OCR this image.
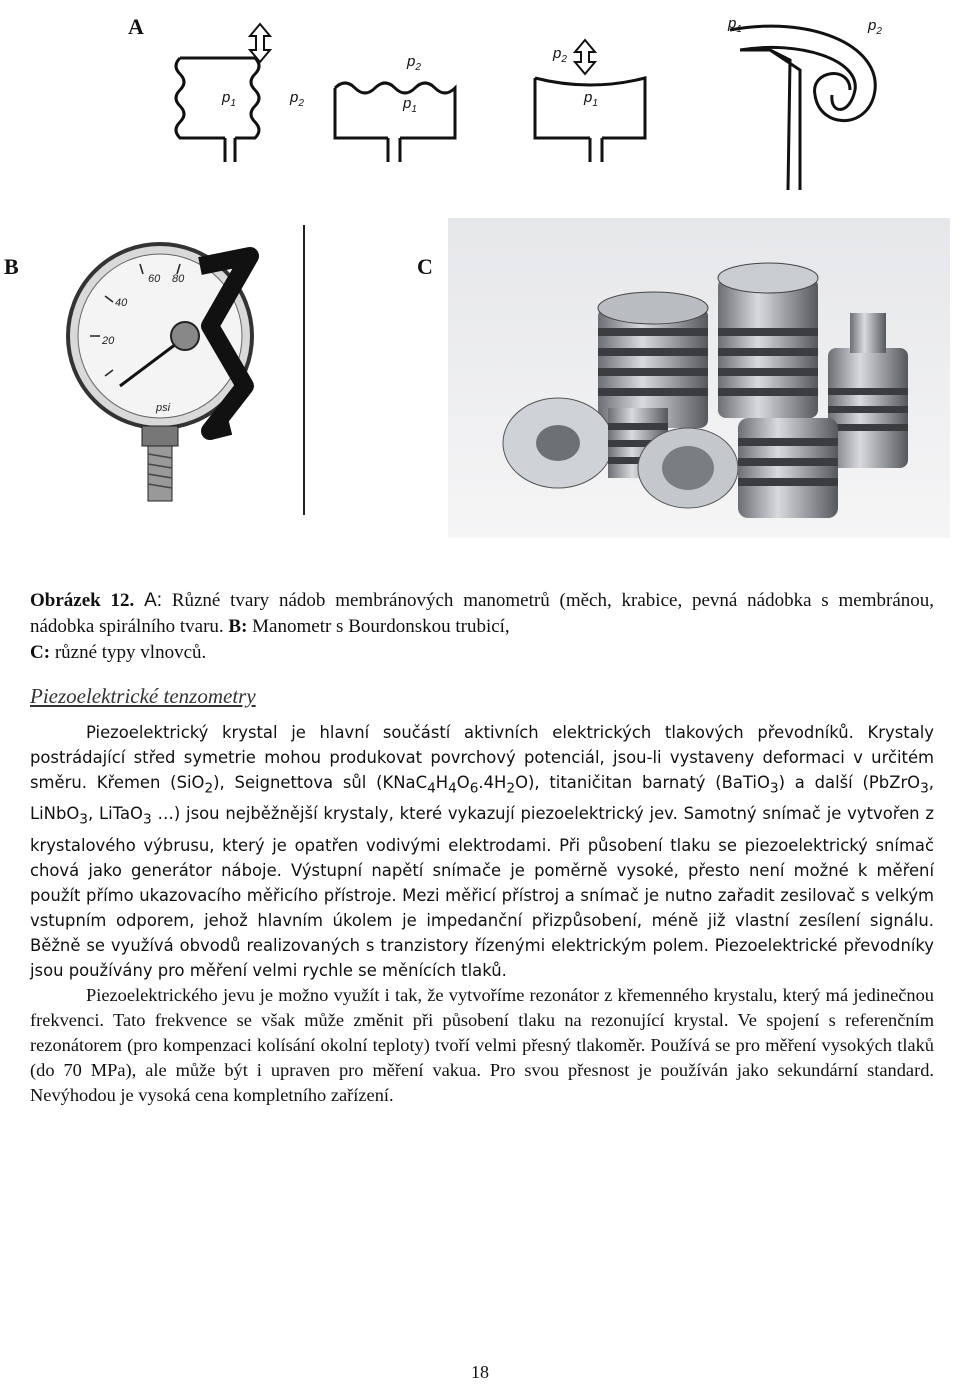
A
$p_1$	$p_2$
$p_2$
$p_1$
$p_2$
$p_1$
$p_1$	$p_2$
B	C
20
40
60 80
psi
Obrázek 12. A: Různé tvary nádob membránových manometrů (měch, krabice, pevná nádobka s membránou, nádobka spirálního tvaru. B: Manometr s Bourdonskou trubicí,
C: různé typy vlnovců.
Piezoelektrické tenzometry

Piezoelektrický krystal je hlavní součástí aktivních elektrických tlakových převodníků. Krystaly postrádající střed symetrie mohou produkovat povrchový potenciál, jsou-li vystaveny deformaci v určitém směru. Křemen (SiO$_2$), Seignettova sůl $(KNaC_4H_4O_6.4H_2O)$, titaničitan barnatý (BaTiO$_3$) a další (PbZrO$_3$, LiNbO$_3$, LiTaO$_3$ …) jsou nejběžnější krystaly, které vykazují piezoelektrický jev. Samotný snímač je vytvořen z krystalového výbrusu, který je opatřen vodivými elektrodami. Při působení tlaku se piezoelektrický snímač chová jako generátor náboje. Výstupní napětí snímače je poměrně vysoké, přesto není možné k měření použít přímo ukazovacího měřicího přístroje. Mezi měřicí přístroj a snímač je nutno zařadit zesilovač s velkým vstupním odporem, jehož hlavním úkolem je impedanční přizpůsobení, méně již vlastní zesílení signálu. Běžně se využívá obvodů realizovaných s tranzistory řízenými elektrickým polem. Piezoelektrické převodníky jsou používány pro měření velmi rychle se měnících tlaků.

Piezoelektrického jevu je možno využít i tak, že vytvoříme rezonátor z křemenného krystalu, který má jedinečnou frekvenci. Tato frekvence se však může změnit při působení tlaku na rezonující krystal. Ve spojení s referenčním rezonátorem (pro kompenzaci kolísání okolní teploty) tvoří velmi přesný tlakoměr. Používá se pro měření vysokých tlaků (do 70 MPa), ale může být i upraven pro měření vakua. Pro svou přesnost je používán jako sekundární standard. Nevýhodou je vysoká cena kompletního zařízení.

18
